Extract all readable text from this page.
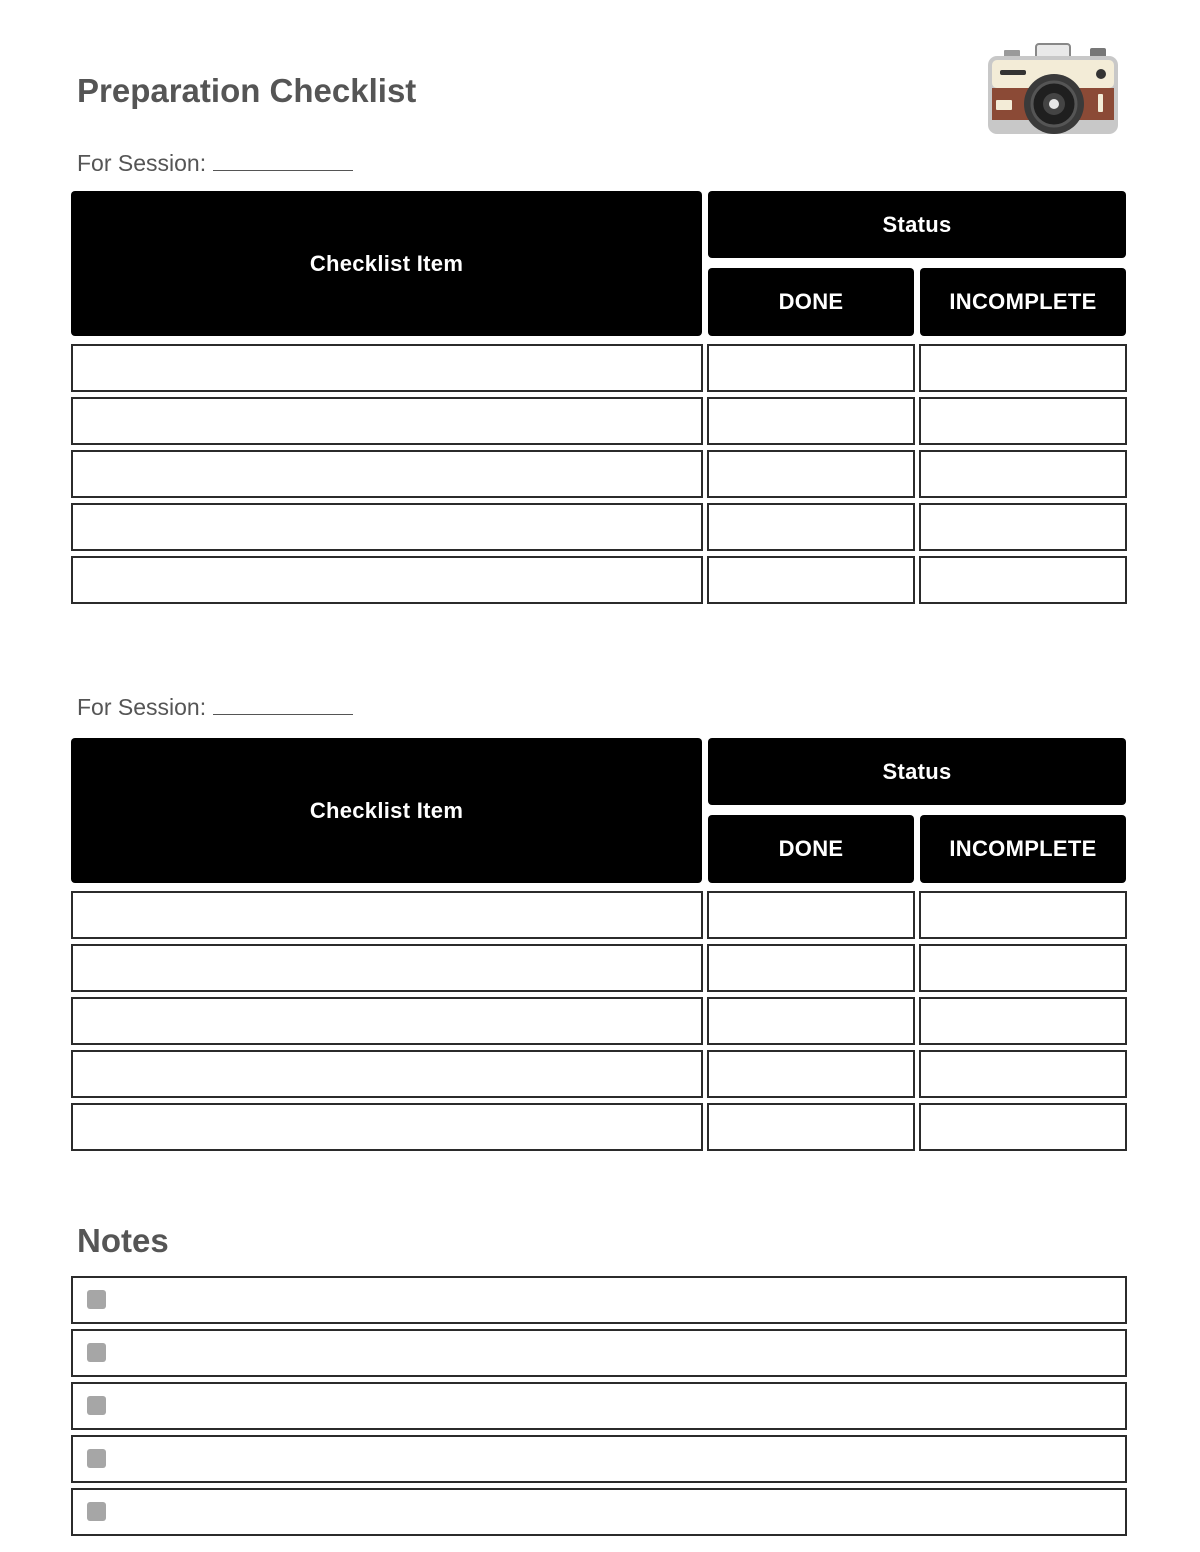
Preparation Checklist
For Session:
Checklist Item
Status
DONE	INCOMPLETE
For Session:
Checklist Item
Status
DONE	INCOMPLETE
Notes
